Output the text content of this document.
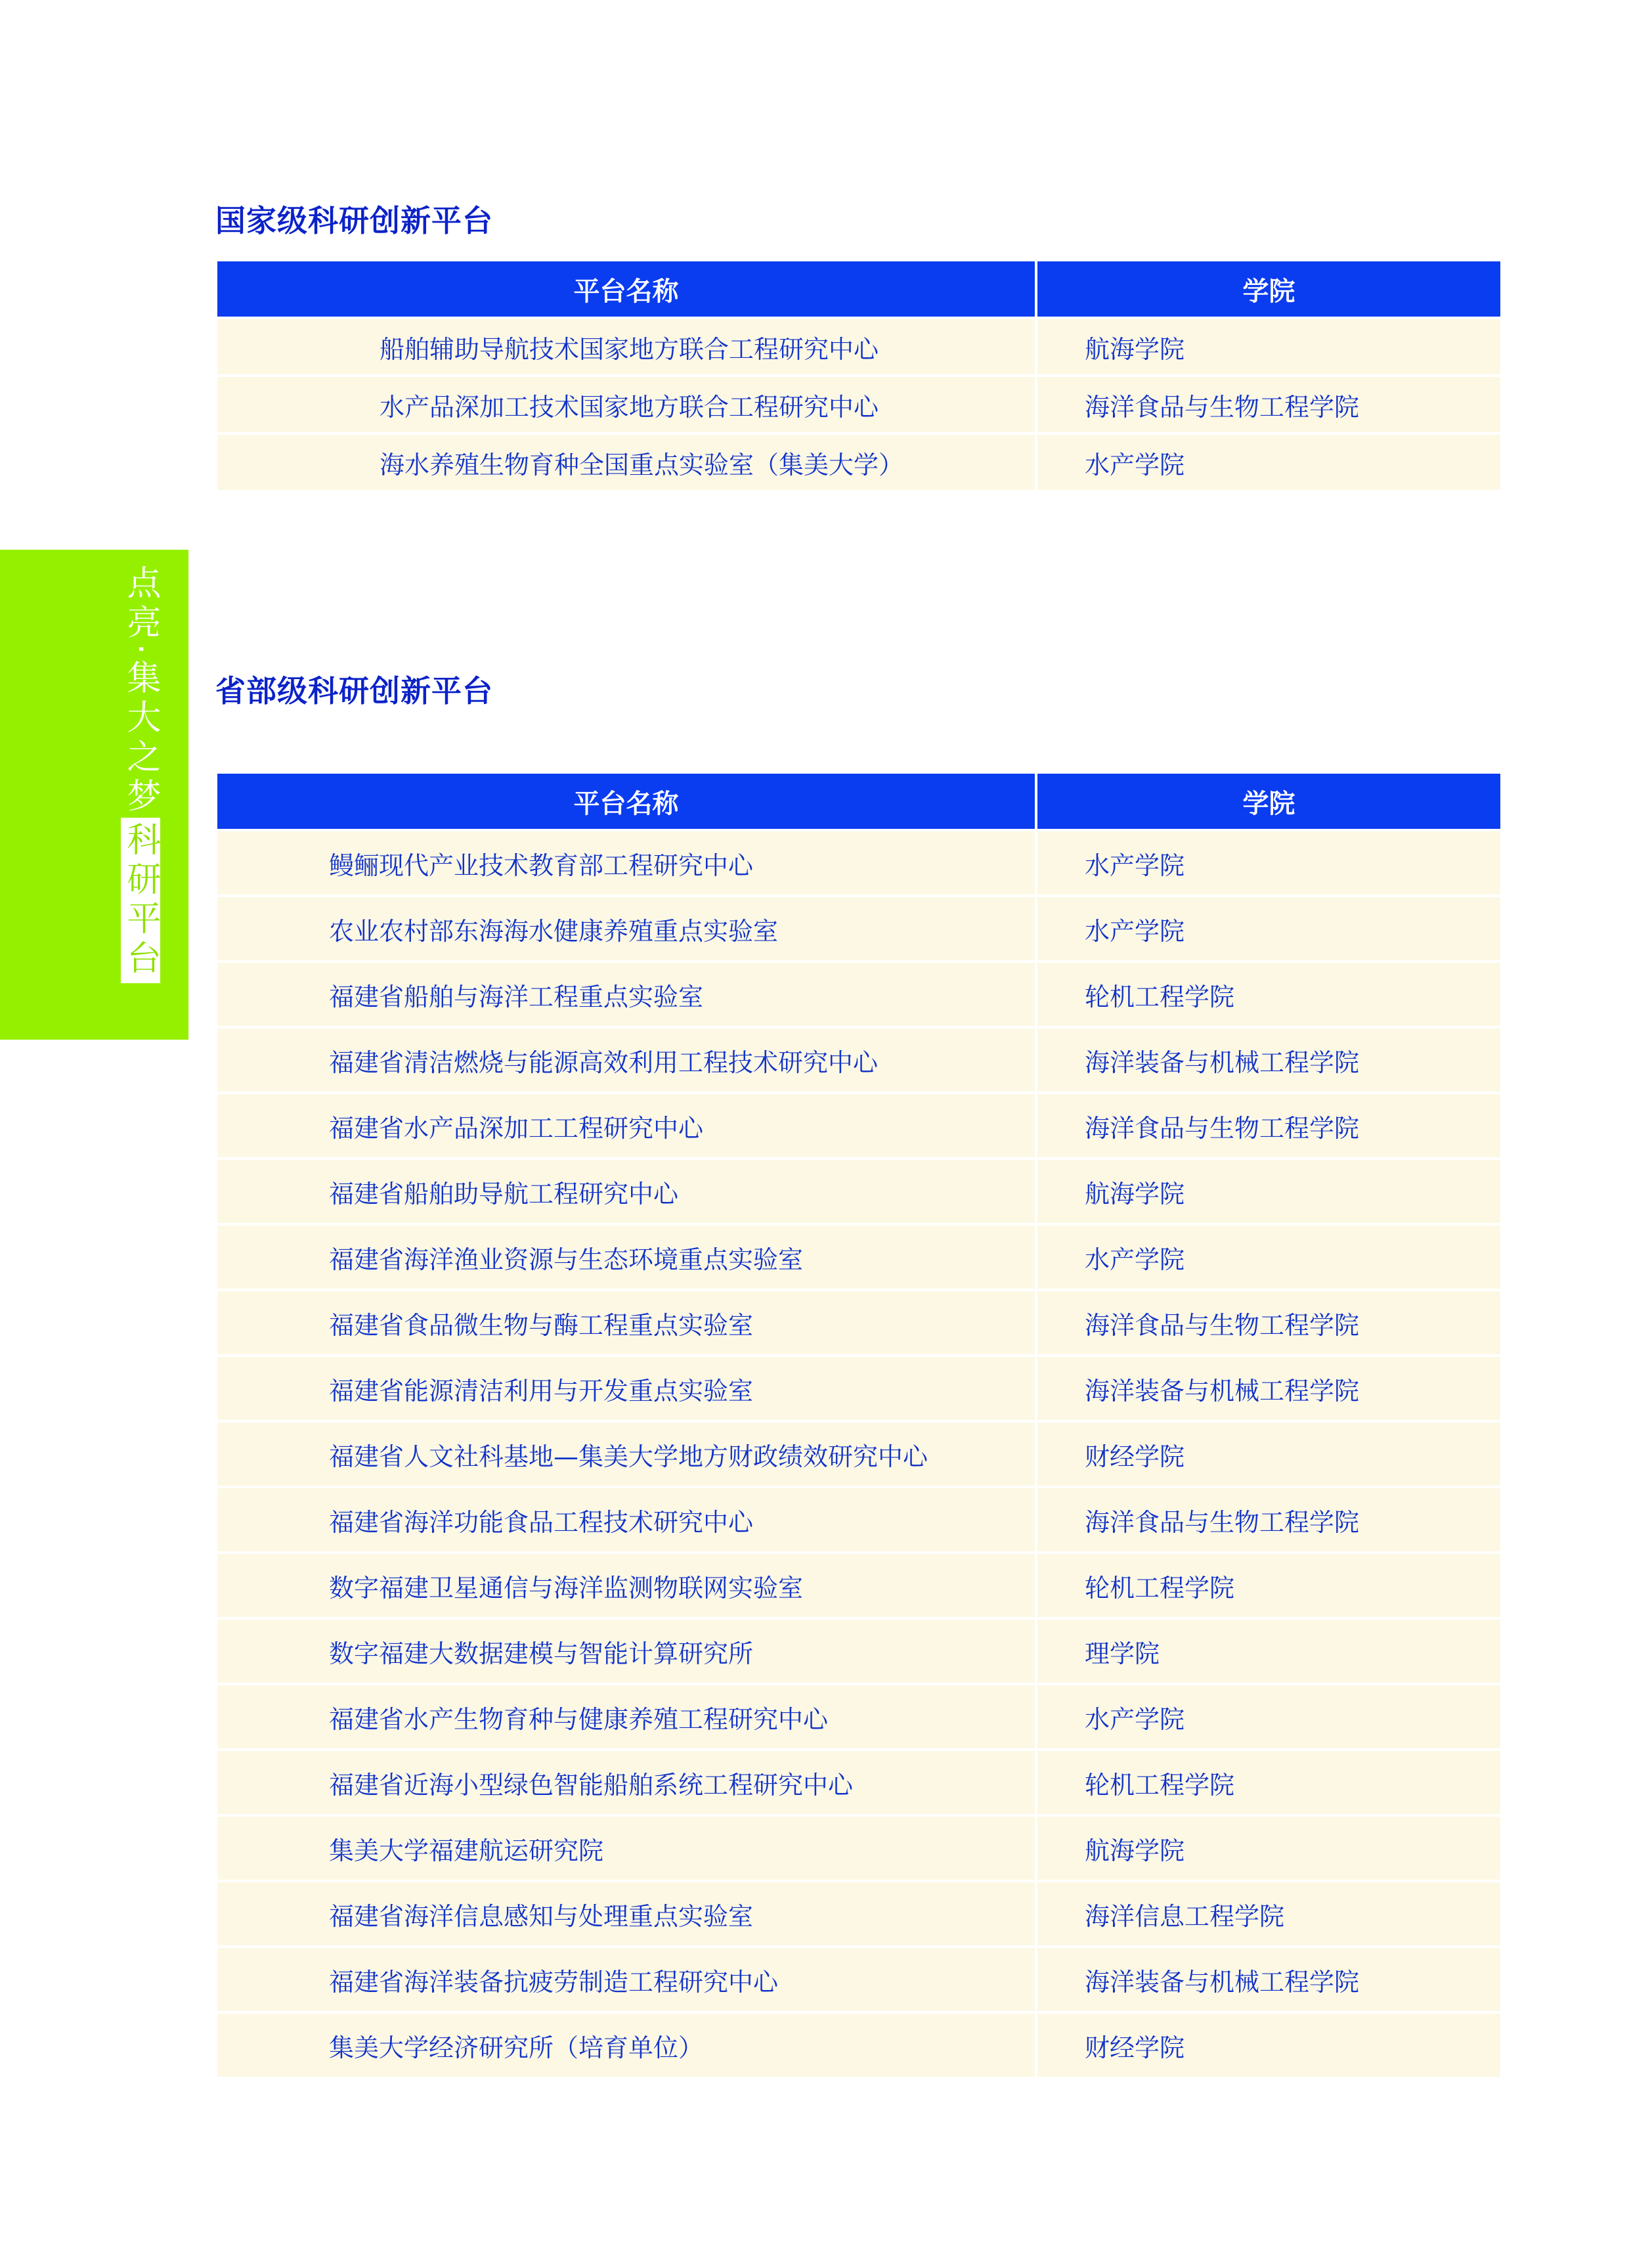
点亮·集大之梦科研平台
国家级科研创新平台
平台名称	学院
船舶辅助导航技术国家地方联合工程研究中心	航海学院
水产品深加工技术国家地方联合工程研究中心	海洋食品与生物工程学院
海水养殖生物育种全国重点实验室（集美大学）	水产学院
省部级科研创新平台
平台名称	学院
鳗鲡现代产业技术教育部工程研究中心	水产学院
农业农村部东海海水健康养殖重点实验室	水产学院
福建省船舶与海洋工程重点实验室	轮机工程学院
福建省清洁燃烧与能源高效利用工程技术研究中心	海洋装备与机械工程学院
福建省水产品深加工工程研究中心	海洋食品与生物工程学院
福建省船舶助导航工程研究中心	航海学院
福建省海洋渔业资源与生态环境重点实验室	水产学院
福建省食品微生物与酶工程重点实验室	海洋食品与生物工程学院
福建省能源清洁利用与开发重点实验室	海洋装备与机械工程学院
福建省人文社科基地—集美大学地方财政绩效研究中心	财经学院
福建省海洋功能食品工程技术研究中心	海洋食品与生物工程学院
数字福建卫星通信与海洋监测物联网实验室	轮机工程学院
数字福建大数据建模与智能计算研究所	理学院
福建省水产生物育种与健康养殖工程研究中心	水产学院
福建省近海小型绿色智能船舶系统工程研究中心	轮机工程学院
集美大学福建航运研究院	航海学院
福建省海洋信息感知与处理重点实验室	海洋信息工程学院
福建省海洋装备抗疲劳制造工程研究中心	海洋装备与机械工程学院
集美大学经济研究所（培育单位）	财经学院
